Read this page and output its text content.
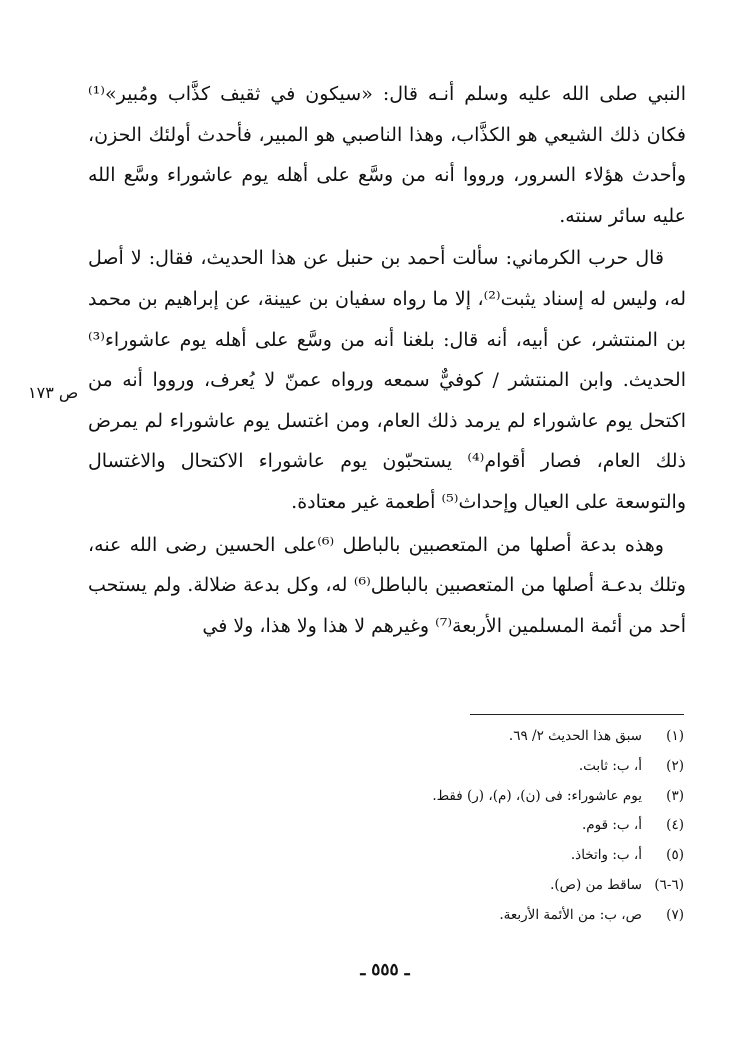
النبي صلى الله عليه وسلم أنـه قال: «سيكون في ثقيف كذَّاب ومُبير»⁽¹⁾ فكان ذلك الشيعي هو الكذَّاب، وهذا الناصبي هو المبير، فأحدث أولئك الحزن، وأحدث هؤلاء السرور، ورووا أنه من وسَّع على أهله يوم عاشوراء وسَّع الله عليه سائر سنته.

قال حرب الكرماني: سألت أحمد بن حنبل عن هذا الحديث، فقال: لا أصل له، وليس له إسناد يثبت⁽²⁾، إلا ما رواه سفيان بن عيينة، عن إبراهيم بن محمد بن المنتشر، عن أبيه، أنه قال: بلغنا أنه من وسَّع على أهله يوم عاشوراء⁽³⁾ الحديث. وابن المنتشر / كوفيٌّ سمعه ورواه عمنّ لا يُعرف، ورووا أنه من اكتحل يوم عاشوراء لم يرمد ذلك العام، ومن اغتسل يوم عاشوراء لم يمرض ذلك العام، فصار أقوام⁽⁴⁾ يستحبّون يوم عاشوراء الاكتحال والاغتسال والتوسعة على العيال وإحداث⁽⁵⁾ أطعمة غير معتادة.

وهذه بدعة أصلها من المتعصبين بالباطل ⁽⁶⁾على الحسين رضى الله عنه، وتلك بدعـة أصلها من المتعصبين بالباطل⁽⁶⁾ له، وكل بدعة ضلالة. ولم يستحب أحد من أئمة المسلمين الأربعة⁽⁷⁾ وغيرهم لا هذا ولا هذا، ولا في

ص ١٧٣
(١)
سبق هذا الحديث ٢/ ٦٩.
(٢)
أ، ب: ثابت.
(٣)
يوم عاشوراء: فى (ن)، (م)، (ر) فقط.
(٤)
أ، ب: قوم.
(٥)
أ، ب: واتخاذ.
(٦-٦)
ساقط من (ص).
(٧)
ص، ب: من الأئمة الأربعة.
ـ ٥٥٥ ـ
